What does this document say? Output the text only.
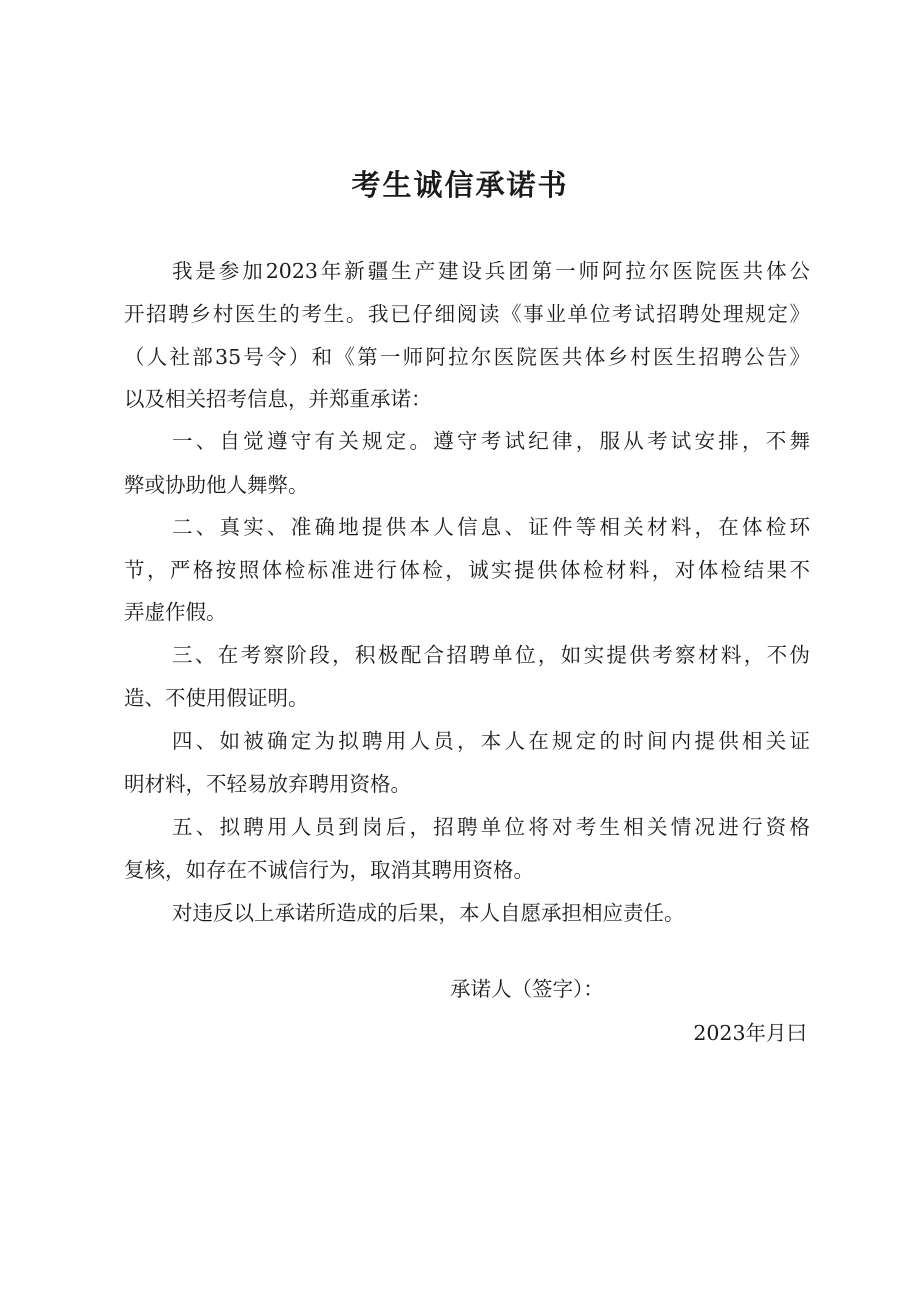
考生诚信承诺书

我是参加2023年新疆生产建设兵团第一师阿拉尔医院医共体公

开招聘乡村医生的考生。我已仔细阅读《事业单位考试招聘处理规定》

（人社部35号令）和《第一师阿拉尔医院医共体乡村医生招聘公告》

以及相关招考信息，并郑重承诺：

一、自觉遵守有关规定。遵守考试纪律，服从考试安排，不舞

弊或协助他人舞弊。

二、真实、准确地提供本人信息、证件等相关材料，在体检环

节，严格按照体检标准进行体检，诚实提供体检材料，对体检结果不

弄虚作假。

三、在考察阶段，积极配合招聘单位，如实提供考察材料，不伪

造、不使用假证明。

四、如被确定为拟聘用人员，本人在规定的时间内提供相关证

明材料，不轻易放弃聘用资格。

五、拟聘用人员到岗后，招聘单位将对考生相关情况进行资格

复核，如存在不诚信行为，取消其聘用资格。

对违反以上承诺所造成的后果，本人自愿承担相应责任。

承诺人（签字）：

2023年月曰
